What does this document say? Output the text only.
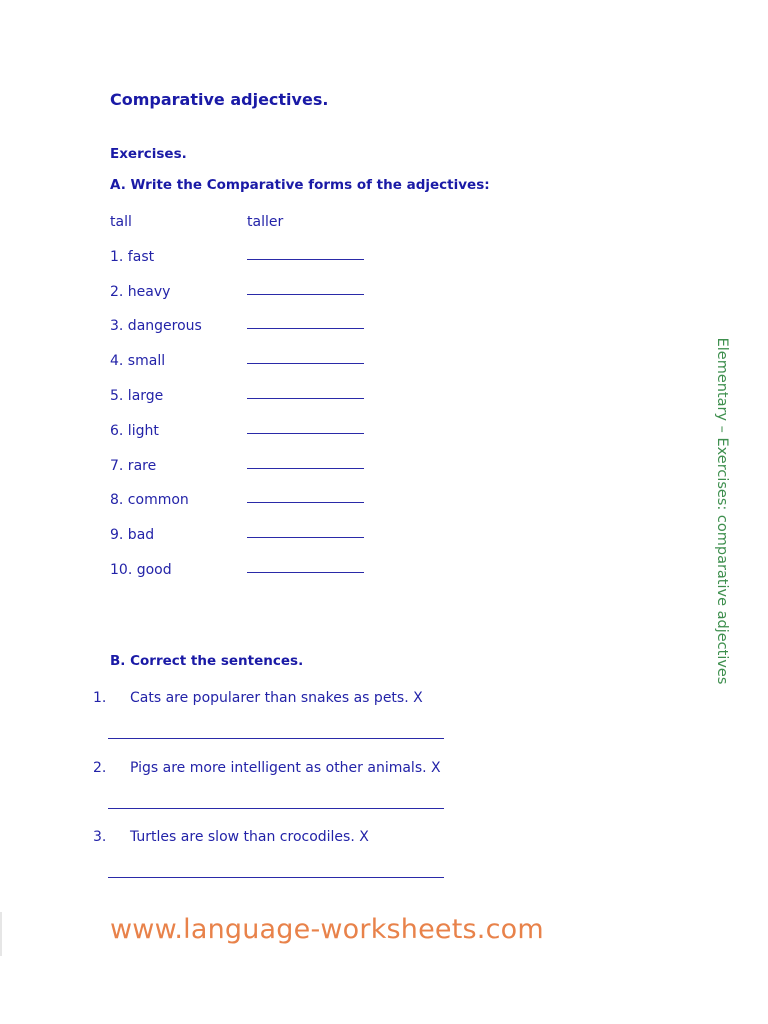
Comparative adjectives.
Exercises.
A. Write the Comparative forms of the adjectives:
tall	taller
1. fast
2. heavy
3. dangerous
4. small
5. large
6. light
7. rare
8. common
9. bad
10. good
B. Correct the sentences.
1. Cats are popularer than snakes as pets. X
2. Pigs are more intelligent as other animals. X
3. Turtles are slow than crocodiles. X
Elementary – Exercises: comparative adjectives
www.language-worksheets.com
